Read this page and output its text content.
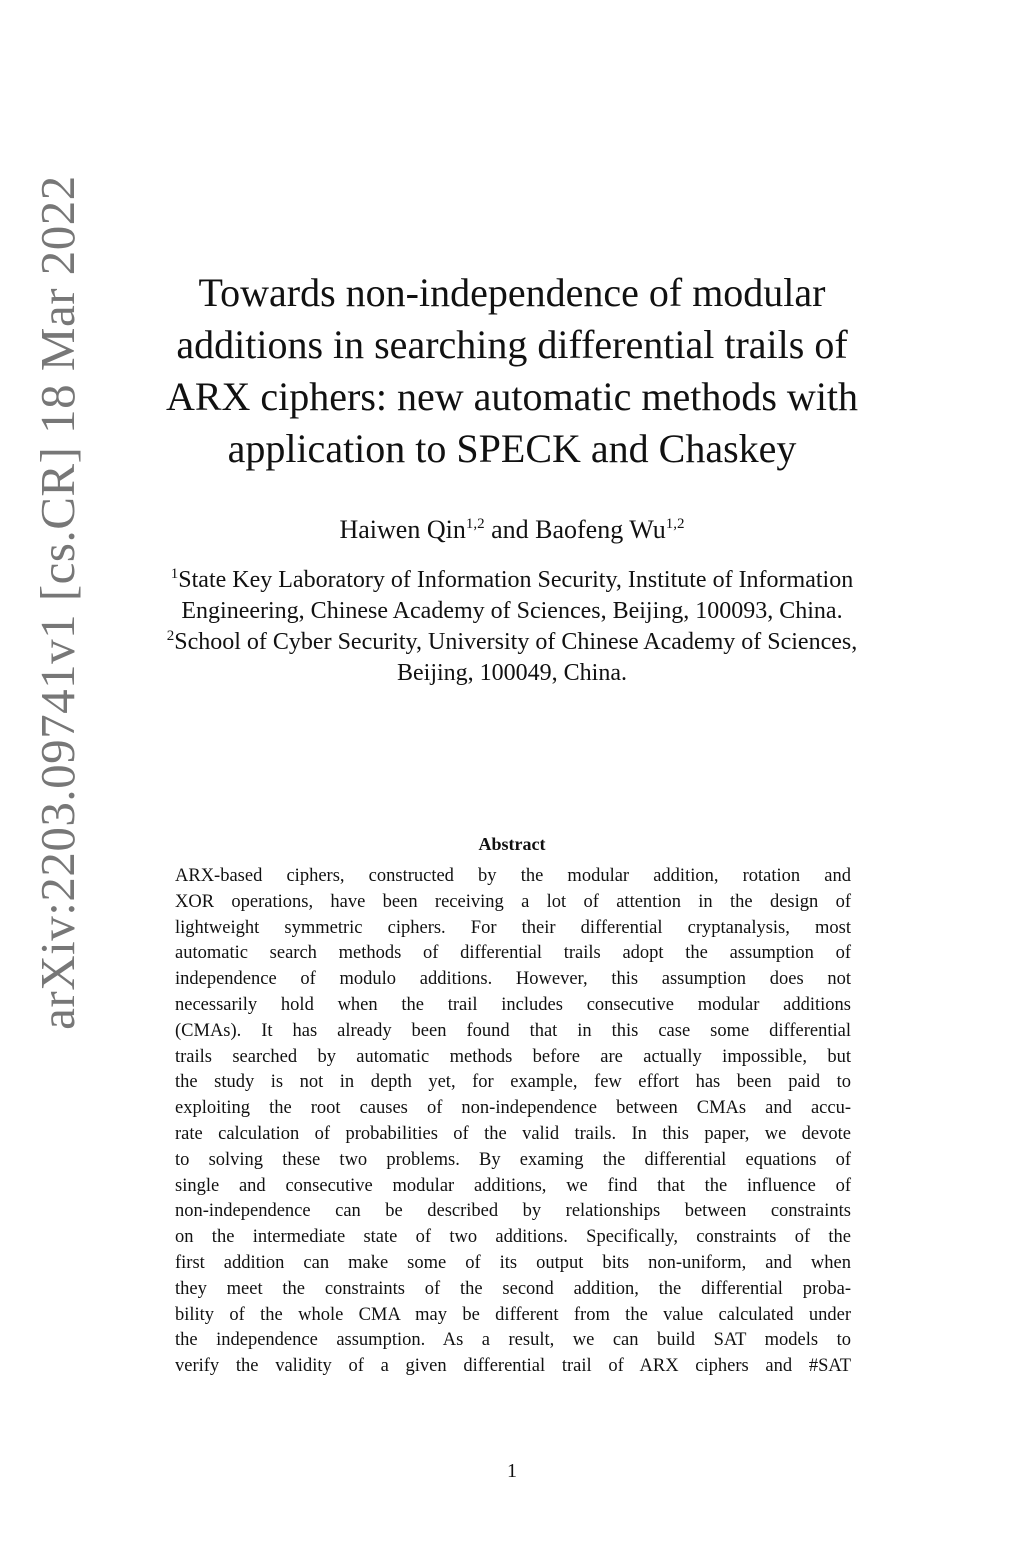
arXiv:2203.09741v1 [cs.CR] 18 Mar 2022	Towards non-independence of modular
additions in searching differential trails of
ARX ciphers: new automatic methods with
application to SPECK and Chaskey
Haiwen Qin$^{1,2}$ and Baofeng Wu$^{1,2}$
$^1$State Key Laboratory of Information Security, Institute of Information Engineering, Chinese Academy of Sciences, Beijing, 100093, China.
$^2$School of Cyber Security, University of Chinese Academy of Sciences, Beijing, 100049, China.
Abstract

ARX-based ciphers, constructed by the modular addition, rotation and
XOR operations, have been receiving a lot of attention in the design of
lightweight symmetric ciphers. For their differential cryptanalysis, most
automatic search methods of differential trails adopt the assumption of
independence of modulo additions. However, this assumption does not
necessarily hold when the trail includes consecutive modular additions
(CMAs). It has already been found that in this case some differential
trails searched by automatic methods before are actually impossible, but
the study is not in depth yet, for example, few effort has been paid to
exploiting the root causes of non-independence between CMAs and accu-
rate calculation of probabilities of the valid trails. In this paper, we devote
to solving these two problems. By examing the differential equations of
single and consecutive modular additions, we find that the influence of
non-independence can be described by relationships between constraints
on the intermediate state of two additions. Specifically, constraints of the
first addition can make some of its output bits non-uniform, and when
they meet the constraints of the second addition, the differential proba-
bility of the whole CMA may be different from the value calculated under
the independence assumption. As a result, we can build SAT models to
verify the validity of a given differential trail of ARX ciphers and #SAT

1
